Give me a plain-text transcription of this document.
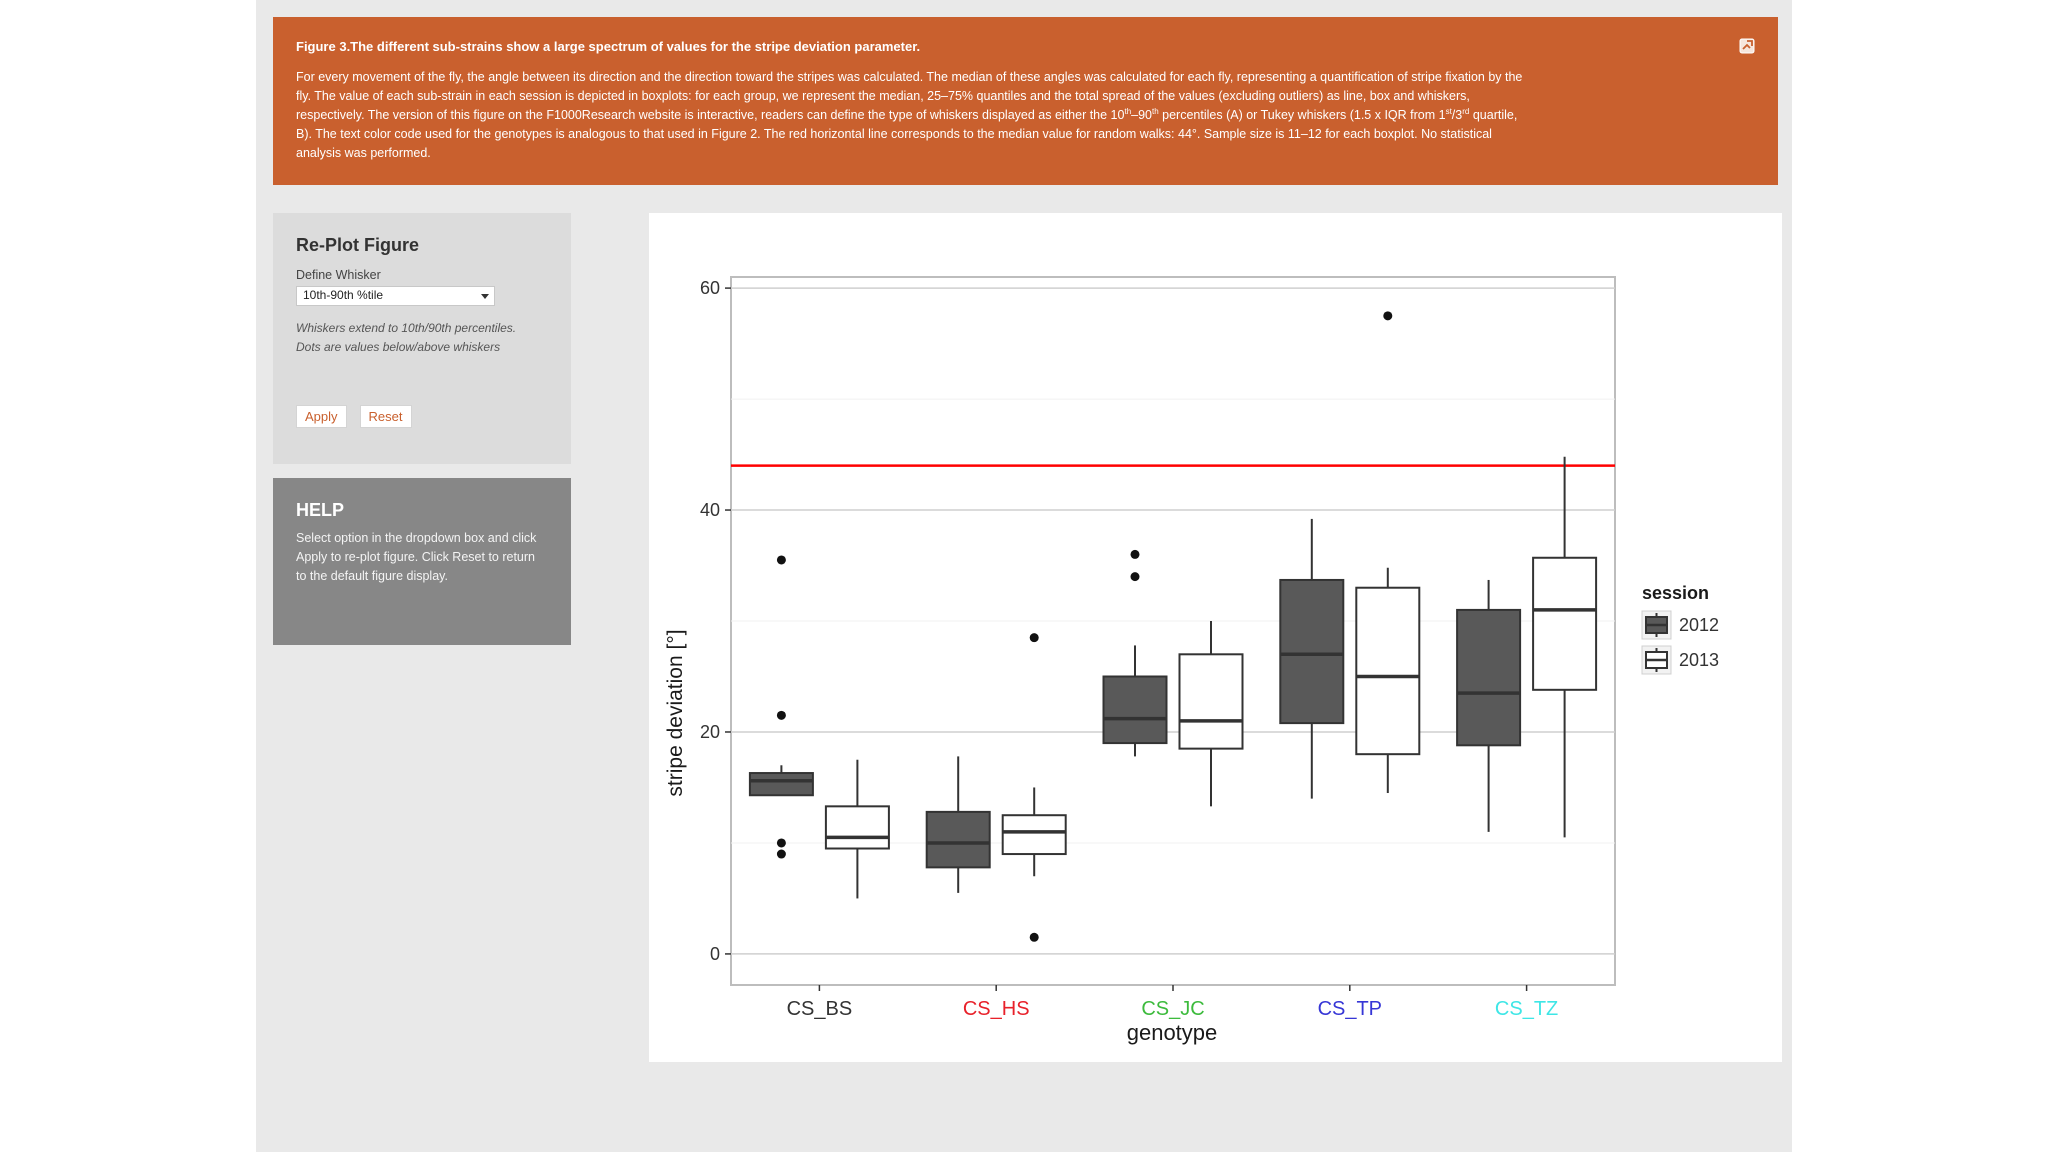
Figure 3.The different sub-strains show a large spectrum of values for the stripe deviation parameter.
For every movement of the fly, the angle between its direction and the direction toward the stripes was calculated. The median of these angles was calculated for each fly, representing a quantification of stripe fixation by the
fly. The value of each sub-strain in each session is depicted in boxplots: for each group, we represent the median, 25–75% quantiles and the total spread of the values (excluding outliers) as line, box and whiskers,
respectively. The version of this figure on the F1000Research website is interactive, readers can define the type of whiskers displayed as either the 10th–90th percentiles (A) or Tukey whiskers (1.5 x IQR from 1st/3rd quartile,
B). The text color code used for the genotypes is analogous to that used in Figure 2. The red horizontal line corresponds to the median value for random walks: 44°. Sample size is 11–12 for each boxplot. No statistical
analysis was performed.
Re-Plot Figure
Define Whisker
10th-90th %tile
Whiskers extend to 10th/90th percentiles.
Dots are values below/above whiskers
Apply	Reset
HELP
Select option in the dropdown box and click Apply to re-plot figure. Click Reset to return to the default figure display.
stripe deviation [°]
genotype
session
0
20
40
60
CS_BS	CS_HS	CS_JC	CS_TP	CS_TZ
2012
2013
